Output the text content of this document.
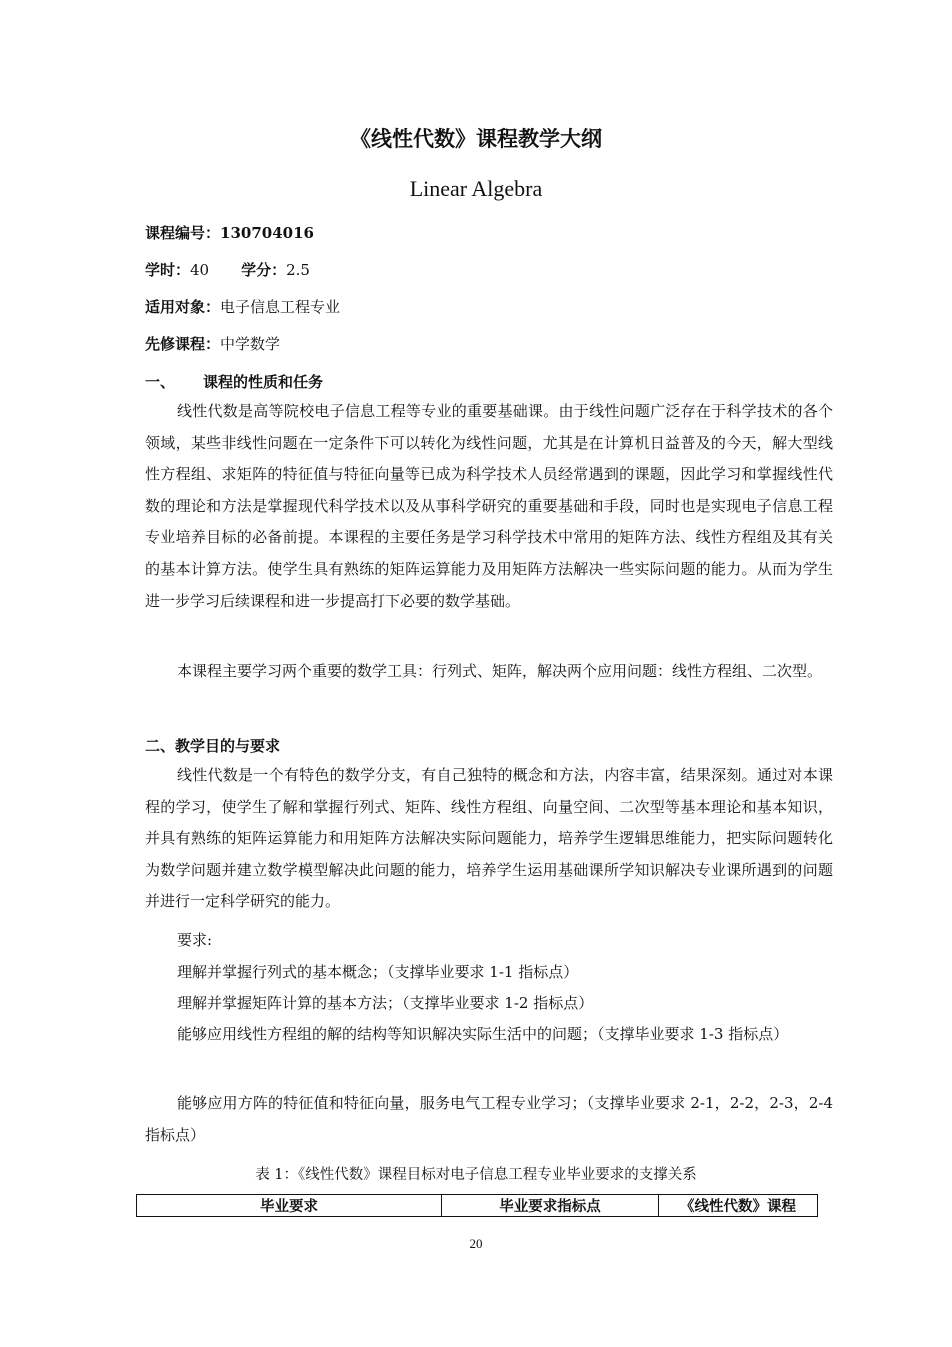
《线性代数》课程教学大纲
Linear Algebra
课程编号：130704016
学时：40 学分：2.5
适用对象：电子信息工程专业
先修课程：中学数学
一、 课程的性质和任务

线性代数是高等院校电子信息工程等专业的重要基础课。由于线性问题广泛存在于科学技术的各个领域，某些非线性问题在一定条件下可以转化为线性问题，尤其是在计算机日益普及的今天，解大型线性方程组、求矩阵的特征值与特征向量等已成为科学技术人员经常遇到的课题，因此学习和掌握线性代数的理论和方法是掌握现代科学技术以及从事科学研究的重要基础和手段，同时也是实现电子信息工程专业培养目标的必备前提。本课程的主要任务是学习科学技术中常用的矩阵方法、线性方程组及其有关的基本计算方法。使学生具有熟练的矩阵运算能力及用矩阵方法解决一些实际问题的能力。从而为学生进一步学习后续课程和进一步提高打下必要的数学基础。

本课程主要学习两个重要的数学工具：行列式、矩阵，解决两个应用问题：线性方程组、二次型。

二、教学目的与要求

线性代数是一个有特色的数学分支，有自己独特的概念和方法，内容丰富，结果深刻。通过对本课程的学习，使学生了解和掌握行列式、矩阵、线性方程组、向量空间、二次型等基本理论和基本知识，并具有熟练的矩阵运算能力和用矩阵方法解决实际问题能力，培养学生逻辑思维能力，把实际问题转化为数学问题并建立数学模型解决此问题的能力，培养学生运用基础课所学知识解决专业课所遇到的问题并进行一定科学研究的能力。

要求:
理解并掌握行列式的基本概念；（支撑毕业要求 1-1 指标点）
理解并掌握矩阵计算的基本方法；（支撑毕业要求 1-2 指标点）

能够应用线性方程组的解的结构等知识解决实际生活中的问题；（支撑毕业要求 1-3 指标点）

能够应用方阵的特征值和特征向量，服务电气工程专业学习；（支撑毕业要求 2-1，2-2，2-3，2-4 指标点）

表 1：《线性代数》课程目标对电子信息工程专业毕业要求的支撑关系
毕业要求	毕业要求指标点	《线性代数》课程
20
